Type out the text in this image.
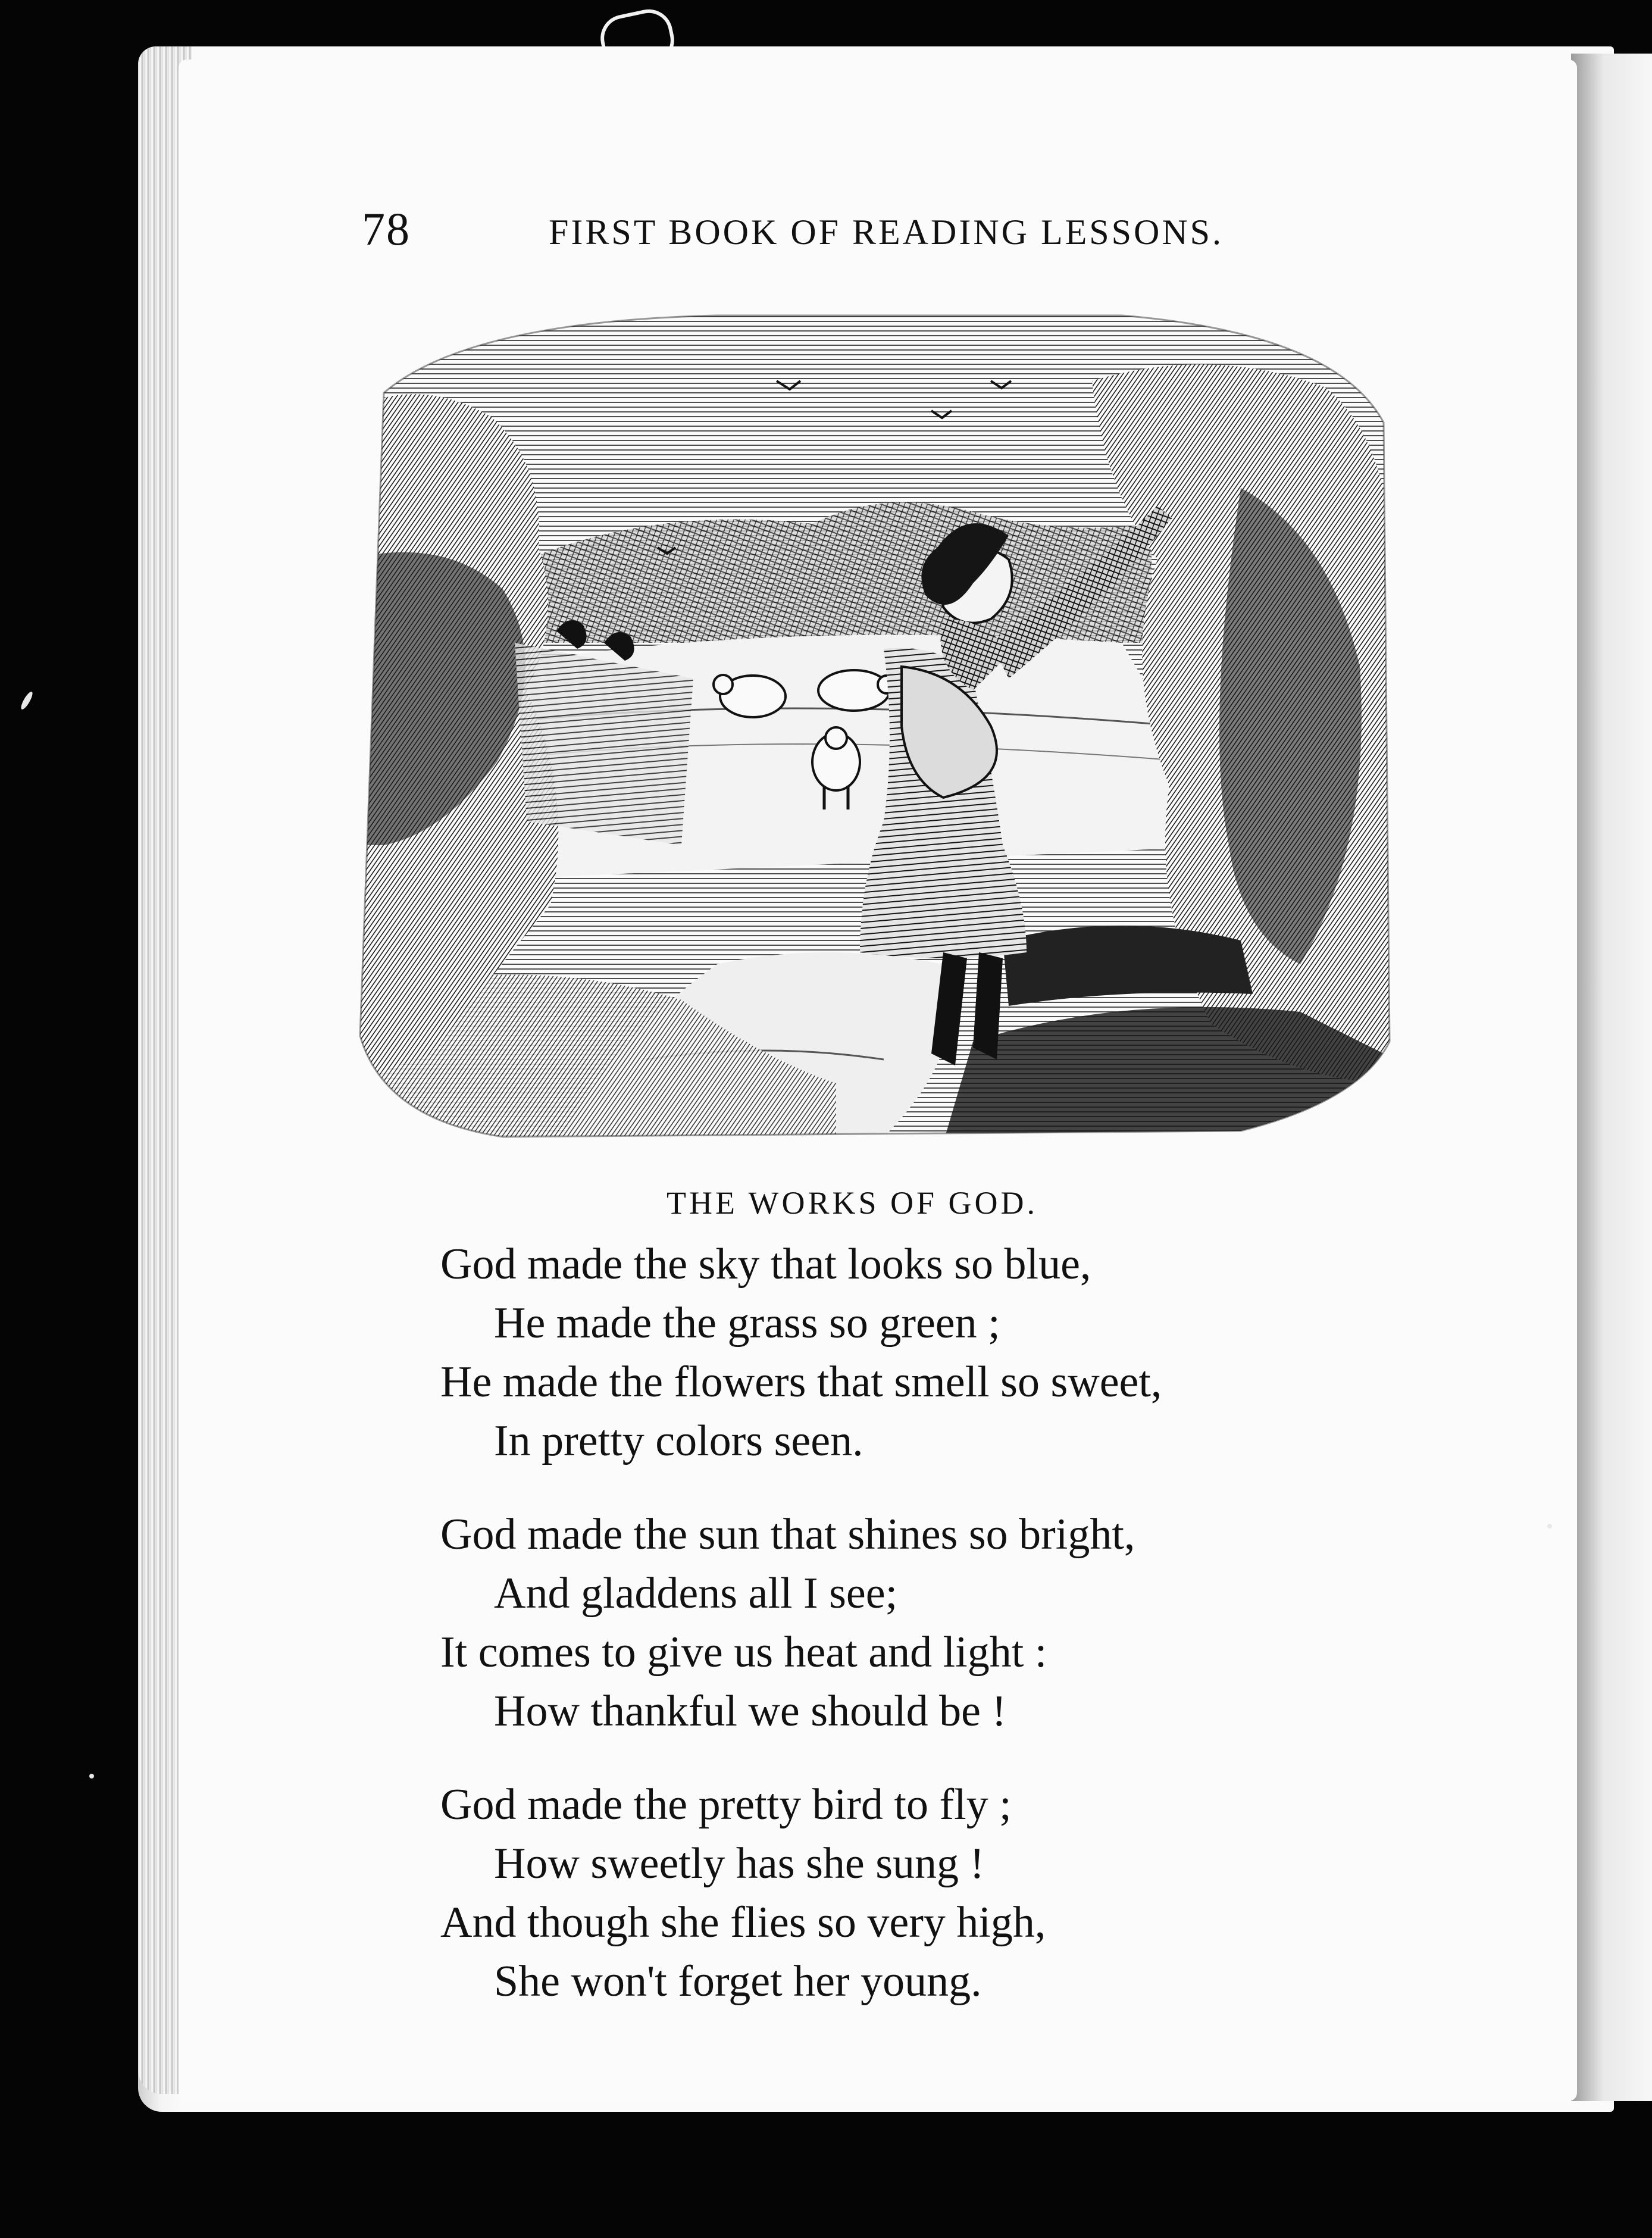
78	FIRST BOOK OF READING LESSONS.
THE WORKS OF GOD.
God made the sky that looks so blue,
He made the grass so green ;
He made the flowers that smell so sweet,
In pretty colors seen.
God made the sun that shines so bright,
And gladdens all I see;
It comes to give us heat and light :
How thankful we should be !
God made the pretty bird to fly ;
How sweetly has she sung !
And though she flies so very high,
She won't forget her young.
